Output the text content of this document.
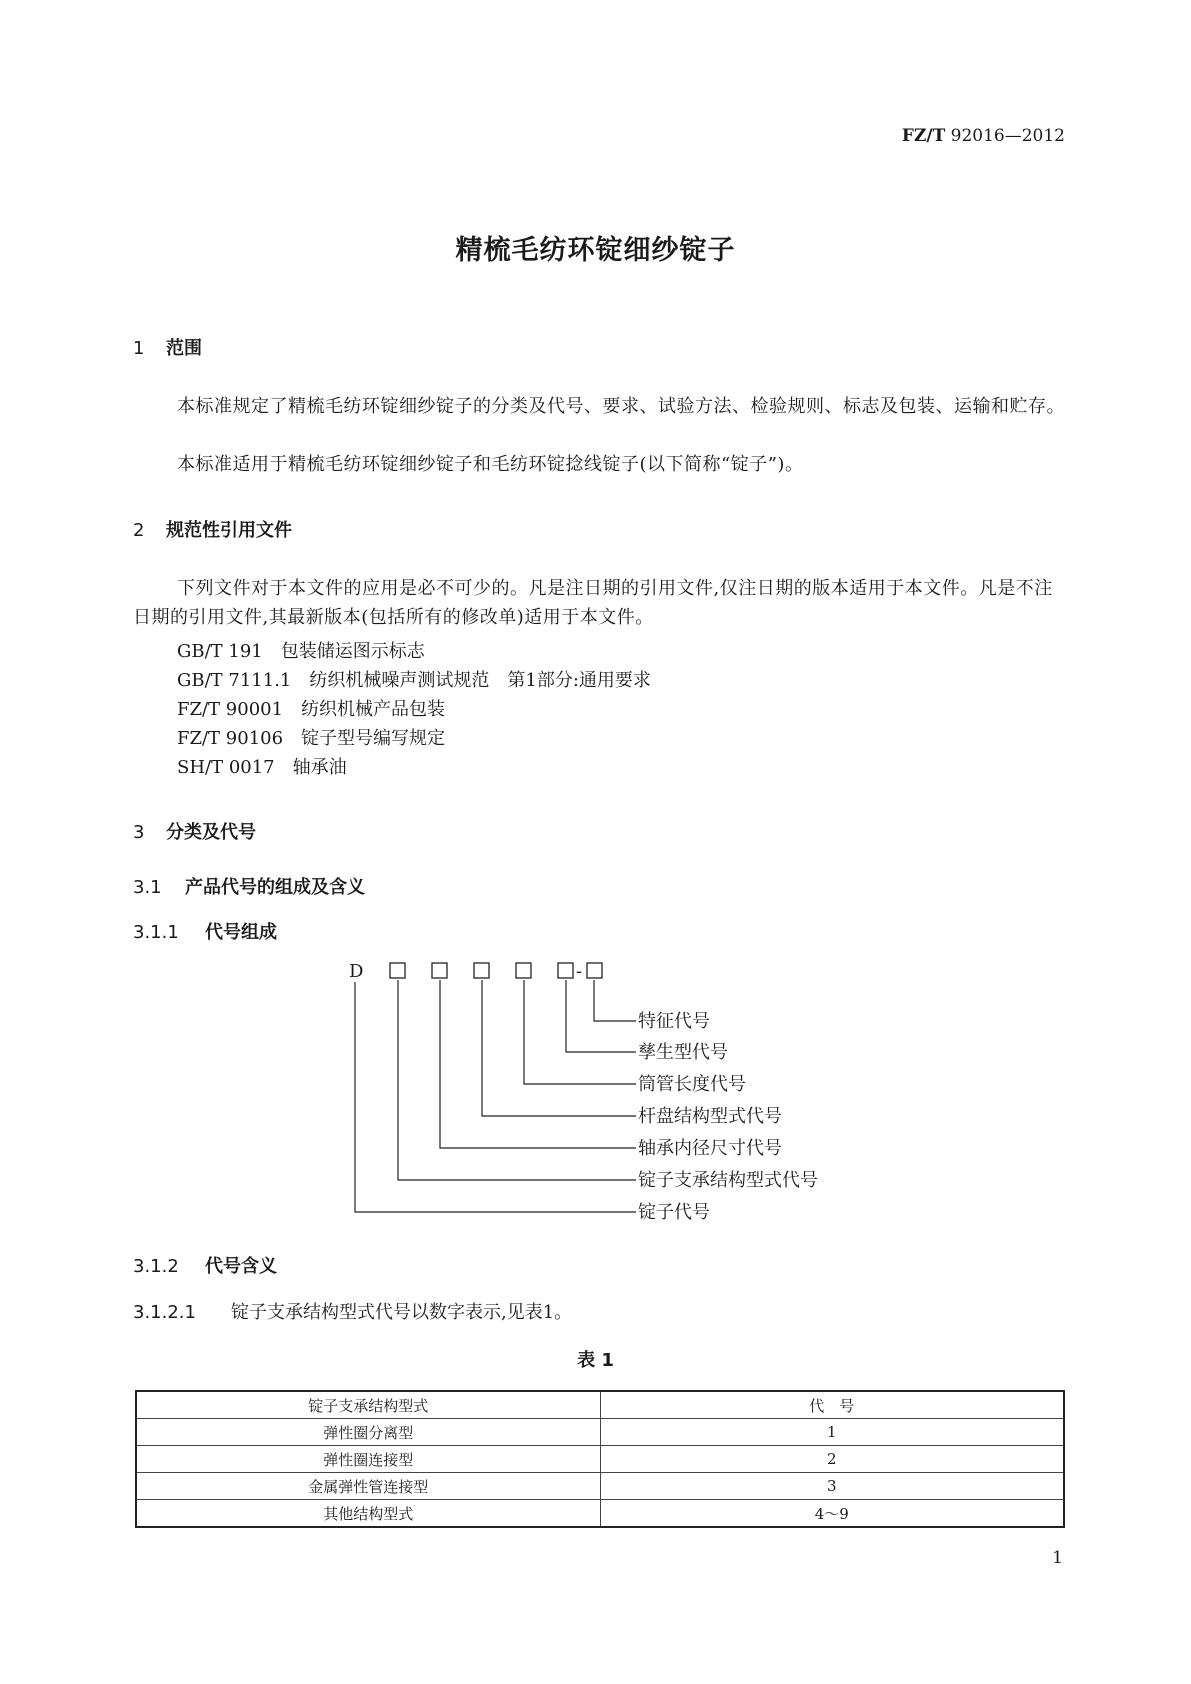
FZ/T 92016—2012
精梳毛纺环锭细纱锭子
1 范围
本标准规定了精梳毛纺环锭细纱锭子的分类及代号、要求、试验方法、检验规则、标志及包装、运输和贮存。
本标准适用于精梳毛纺环锭细纱锭子和毛纺环锭捻线锭子(以下简称“锭子”)。
2 规范性引用文件
下列文件对于本文件的应用是必不可少的。凡是注日期的引用文件,仅注日期的版本适用于本文件。凡是不注日期的引用文件,其最新版本(包括所有的修改单)适用于本文件。
GB/T 191 包装储运图示标志
GB/T 7111.1 纺织机械噪声测试规范　第1部分:通用要求
FZ/T 90001 纺织机械产品包装
FZ/T 90106 锭子型号编写规定
SH/T 0017 轴承油
3 分类及代号
3.1 产品代号的组成及含义
3.1.1 代号组成
D	-
特征代号
孳生型代号
筒管长度代号
杆盘结构型式代号
轴承内径尺寸代号
锭子支承结构型式代号
锭子代号
3.1.2 代号含义
3.1.2.1 锭子支承结构型式代号以数字表示,见表1。
表 1
锭子支承结构型式	代　号
弹性圈分离型	1
弹性圈连接型	2
金属弹性管连接型	3
其他结构型式	4～9
1
